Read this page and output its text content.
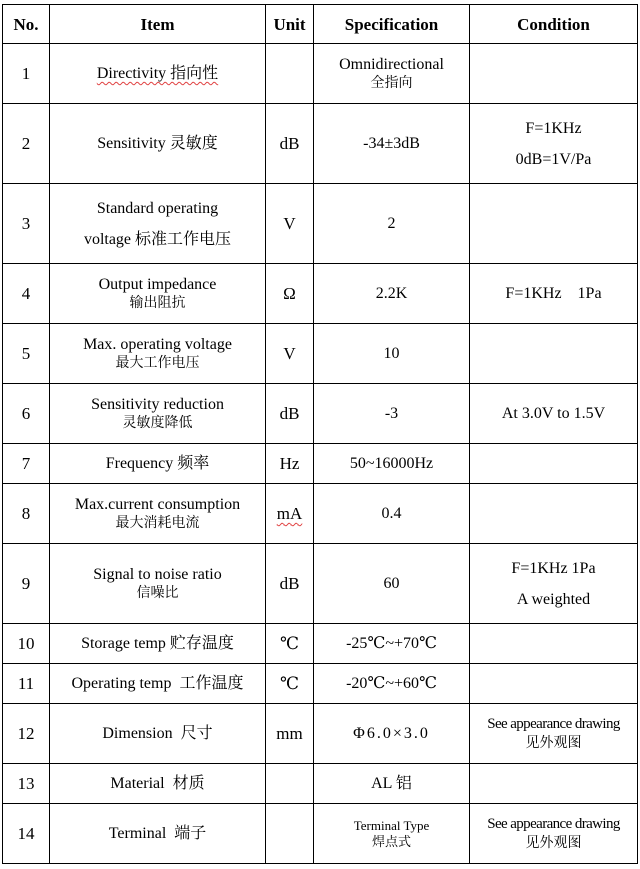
No.	Item	Unit	Specification	Condition
1	Directivity 指向性		Omnidirectional
全指向	

2	Sensitivity 灵敏度	dB	-34±3dB	F=1KHz
0dB=1V/Pa

3	Standard operating
voltage 标准工作电压	V	2	
4	Output impedance
输出阻抗	Ω	2.2K	F=1KHz    1Pa
5	Max. operating voltage
最大工作电压	V	10	
6	Sensitivity reduction
灵敏度降低	dB	-3	At 3.0V to 1.5V
7	Frequency 频率	Hz	50~16000Hz	
8	Max.current consumption
最大消耗电流	mA	0.4	
9	Signal to noise ratio
信噪比	dB	60	F=1KHz 1Pa
A weighted

10	Storage temp 贮存温度	℃	-25℃~+70℃	
11	Operating temp  工作温度	℃	-20℃~+60℃	
12	Dimension  尺寸	mm	Φ6.0×3.0	See appearance drawing
见外观图

13	Material  材质		AL 铝	
14	Terminal  端子		Terminal Type
焊点式	See appearance drawing
见外观图
